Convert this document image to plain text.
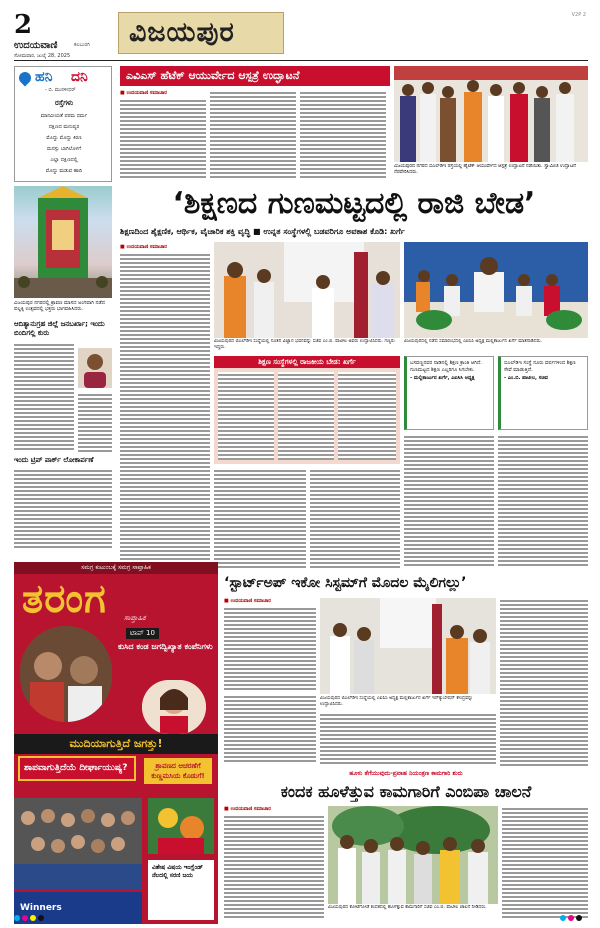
2
ಉದಯವಾಣಿ	ಕಲಬುರಗಿ
ಸೋಮವಾರ, ಜುಲೈ 28, 2025
ವಿಜಯಪುರ
V2P 2
ಹನಿ ದನಿ
- ಬಿ. ಮುರಳೀಧರ್
ರಸ್ತೆಗಳು
ಮಾನವೀಯತೆ ಪರಮ ಧರ್ಮ
ದಕ್ಷಿಣದ ಮನುಷ್ಯರ
ಮೊದ್ದು ಮೊದ್ದು ಕಿರಣ
ಮನಸ್ಸು ಬಾಗಿಲೊಳಗೆ
ಎಲ್ಲಾ ದಕ್ಷಿಣದಲ್ಲಿ
ಮೊದ್ದು ಮಡುವ ಹಾದಿ
ವಿಜಯಪುರ ನಗರದಲ್ಲಿ ಶ್ರಾವಣ ಮಾಸದ ಅಂಗವಾಗಿ ನಡೆದ ಪಲ್ಲಕ್ಕಿ ಉತ್ಸವದಲ್ಲಿ ಭಕ್ತರು ಭಾಗವಹಿಸಿದರು.
ಆದಿತ್ಯಾನುಗ್ರಹ ಜಿಲ್ಲೆ ಜನಬರ್ಖಾ; ಇಂದು ಬಿಂದಿಗಲ್ಲಿ ಕುರು
ಇಂದು ಟ್ರಿಪ್‌ ಪಾರ್ಕ್ ಲೋಕಾರ್ಪಣೆ
ಎವಿಎಸ್ ಹೆಟೆಕ್ ಆಯುರ್ವೇದ ಆಸ್ಪತ್ರೆ ಉದ್ಘಾಟನೆ
■ ಉದಯವಾಣಿ ಸಮಾಚಾರ
ವಿಜಯಪುರದ ನಗರದ ಬಿಎಲ್‌ಡಿಇ ರಸ್ತೆಯಲ್ಲಿ ಹೈಟೆಕ್ ಆಯುರ್ವೇದ ಆಸ್ಪತ್ರೆ ಉದ್ಘಾಟನೆ ನಡೆಯಿತು. ಸ್ವಾಮೀಜಿ ಉದ್ಘಾಟನೆ ನೆರವೇರಿಸಿದರು.
‘ಶಿಕ್ಷಣದ ಗುಣಮಟ್ಟದಲ್ಲಿ ರಾಜಿ ಬೇಡ’
ಶಿಕ್ಷಣದಿಂದ ಶೈಕ್ಷಣಿಕ, ಆರ್ಥಿಕ, ವೈಚಾರಿಕ ಶಕ್ತಿ ವೃದ್ಧಿ ■ ಉನ್ನತ ಸಂಸ್ಥೆಗಳಲ್ಲಿ ಬಡವರಿಗೂ ಅವಕಾಶ ಕೊಡಿ: ಖರ್ಗೆ
■ ಉದಯವಾಣಿ ಸಮಾಚಾರ
ವಿಜಯಪುರದ ಬಿಎಲ್‌ಡಿಇ ಸಂಸ್ಥೆಯಲ್ಲಿ ನೂತನ ವಿಜ್ಞಾನ ಭವನವನ್ನು ಸಚಿವ ಎಂ.ಬಿ. ಪಾಟೀಲ ಅವರು ಉದ್ಘಾಟಿಸಿದರು. ಗಣ್ಯರು ಇದ್ದರು.
ವಿಜಯಪುರದಲ್ಲಿ ನಡೆದ ಸಮಾರಂಭದಲ್ಲಿ ಎಐಸಿಸಿ ಅಧ್ಯಕ್ಷ ಮಲ್ಲಿಕಾರ್ಜುನ ಖರ್ಗೆ ಮಾತನಾಡಿದರು.
ಶಿಕ್ಷಣ ಸಂಸ್ಥೆಗಳಲ್ಲಿ ರಾಜಕೀಯ ಬೇಡ: ಖರ್ಗೆ	ಬಸವಣ್ಣನವರ ನಾಡಿನಲ್ಲಿ ಶಿಕ್ಷಣ ಕ್ರಾಂತಿ ಆಗಿದೆ. ಗುಣಮಟ್ಟದ ಶಿಕ್ಷಣ ಎಲ್ಲರಿಗೂ ಸಿಗಬೇಕು.
- ಮಲ್ಲಿಕಾರ್ಜುನ ಖರ್ಗೆ, ಎಐಸಿಸಿ ಅಧ್ಯಕ್ಷ
ಬಿಎಲ್‌ಡಿಇ ಸಂಸ್ಥೆ ನೂರು ವರ್ಷಗಳಿಂದ ಶಿಕ್ಷಣ ಸೇವೆ ಮಾಡುತ್ತಿದೆ.
- ಎಂ.ಬಿ. ಪಾಟೀಲ, ಸಚಿವ
ಸಮಗ್ರ ಕುಟುಂಬಕ್ಕೆ ಸಮಗ್ರ ಸಾಪ್ತಾಹಿಕ
ತರಂಗ ಸಾಪ್ತಾಹಿಕ
ಟಾಪ್ 10
ಕುಸಿದ ಕಂಡ ಜಗದ್ವಿಖ್ಯಾತ ಕಂಪೆನಿಗಳು
ಮುದಿಯಾಗುತ್ತಿದೆ ಜಗತ್ತು!
ಶಾಪವಾಗುತ್ತಿದೆಯೆ ದೀರ್ಘಾಯುಷ್ಯ?	ಶ್ರಾವಣದ ಆಚರಣೆಗೆ ಕುಣ್ಣಮಸಿಯ ಕೊಡುಗೆ!
Winners
ವಿಶೇಷ ವಿಷಯ ಇಂಗ್ಲೆಂಡ್ ನೆಲದಲ್ಲಿ ಸರಣಿ ಜಯ
‘ಸ್ಟಾರ್ಟ್‌ಅಪ್ ಇಕೋ ಸಿಸ್ಟಮ್‌ಗೆ ಮೊದಲ ಮೈಲಿಗಲ್ಲು’
■ ಉದಯವಾಣಿ ಸಮಾಚಾರ
ವಿಜಯಪುರದ ಬಿಎಲ್‌ಡಿಇ ಸಂಸ್ಥೆಯಲ್ಲಿ ಎಐಸಿಸಿ ಅಧ್ಯಕ್ಷ ಮಲ್ಲಿಕಾರ್ಜುನ ಖರ್ಗೆ ಇನ್‌ಕ್ಯುಬೇಷನ್ ಕೇಂದ್ರವನ್ನು ಉದ್ಘಾಟಿಸಿದರು.
ಹೂಳು ತೆಗೆಯುವುದು-ಪ್ರವಾಹ ನಿಯಂತ್ರಣ ಕಾಮಗಾರಿ ಶುರು
ಕಂದಕ ಹೂಳೆತ್ತುವ ಕಾಮಗಾರಿಗೆ ಎಂಬಿಪಾ ಚಾಲನೆ
■ ಉದಯವಾಣಿ ಸಮಾಚಾರ
ವಿಜಯಪುರದ ಕೋಟೆಗೋಡೆ ಕಂದಕದಲ್ಲಿ ಹೂಳೆತ್ತುವ ಕಾಮಗಾರಿಗೆ ಸಚಿವ ಎಂ.ಬಿ. ಪಾಟೀಲ ಚಾಲನೆ ನೀಡಿದರು.
